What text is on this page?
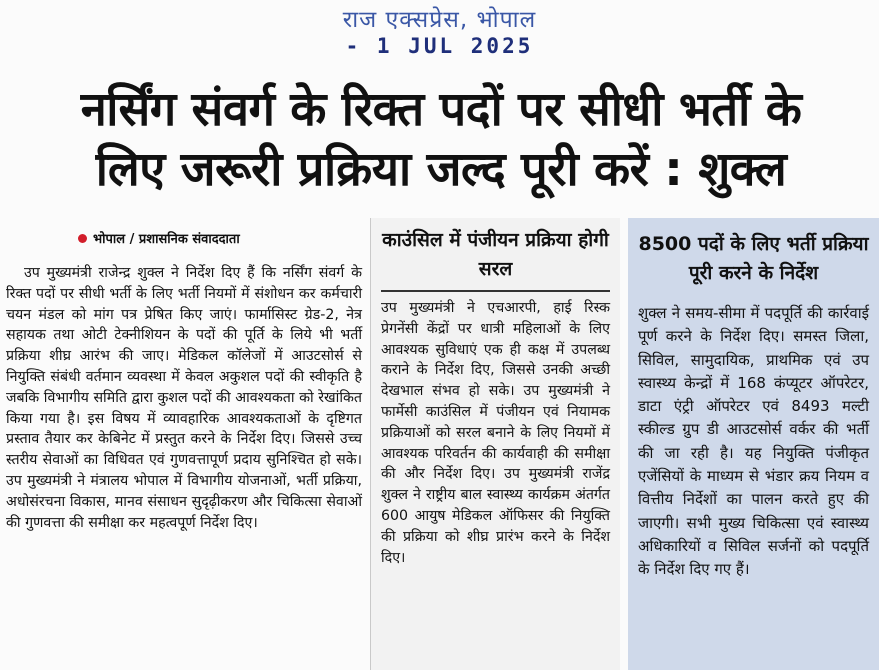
राज एक्सप्रेस, भोपाल
- 1 JUL 2025
नर्सिंग संवर्ग के रिक्त पदों पर सीधी भर्ती के
लिए जरूरी प्रक्रिया जल्द पूरी करें : शुक्ल
भोपाल / प्रशासनिक संवाददाता

उप मुख्यमंत्री राजेन्द्र शुक्ल ने निर्देश दिए हैं कि नर्सिंग संवर्ग के रिक्त पदों पर सीधी भर्ती के लिए भर्ती नियमों में संशोधन कर कर्मचारी चयन मंडल को मांग पत्र प्रेषित किए जाएं। फार्मासिस्ट ग्रेड-2, नेत्र सहायक तथा ओटी टेक्नीशियन के पदों की पूर्ति के लिये भी भर्ती प्रक्रिया शीघ्र आरंभ की जाए। मेडिकल कॉलेजों में आउटसोर्स से नियुक्ति संबंधी वर्तमान व्यवस्था में केवल अकुशल पदों की स्वीकृति है जबकि विभागीय समिति द्वारा कुशल पदों की आवश्यकता को रेखांकित किया गया है। इस विषय में व्यावहारिक आवश्यकताओं के दृष्टिगत प्रस्ताव तैयार कर केबिनेट में प्रस्तुत करने के निर्देश दिए। जिससे उच्च स्तरीय सेवाओं का विधिवत एवं गुणवत्तापूर्ण प्रदाय सुनिश्चित हो सके। उप मुख्यमंत्री ने मंत्रालय भोपाल में विभागीय योजनाओं, भर्ती प्रक्रिया, अधोसंरचना विकास, मानव संसाधन सुदृढ़ीकरण और चिकित्सा सेवाओं की गुणवत्ता की समीक्षा कर महत्वपूर्ण निर्देश दिए।

काउंसिल में पंजीयन प्रक्रिया होगी सरल
उप मुख्यमंत्री ने एचआरपी, हाई रिस्क प्रेगनेंसी केंद्रों पर धात्री महिलाओं के लिए आवश्यक सुविधाएं एक ही कक्ष में उपलब्ध कराने के निर्देश दिए, जिससे उनकी अच्छी देखभाल संभव हो सके। उप मुख्यमंत्री ने फार्मेसी काउंसिल में पंजीयन एवं नियामक प्रक्रियाओं को सरल बनाने के लिए नियमों में आवश्यक परिवर्तन की कार्यवाही की समीक्षा की और निर्देश दिए। उप मुख्यमंत्री राजेंद्र शुक्ल ने राष्ट्रीय बाल स्वास्थ्य कार्यक्रम अंतर्गत 600 आयुष मेडिकल ऑफिसर की नियुक्ति की प्रक्रिया को शीघ्र प्रारंभ करने के निर्देश दिए।
8500 पदों के लिए भर्ती प्रक्रिया पूरी करने के निर्देश
शुक्ल ने समय-सीमा में पदपूर्ति की कार्रवाई पूर्ण करने के निर्देश दिए। समस्त जिला, सिविल, सामुदायिक, प्राथमिक एवं उप स्वास्थ्य केन्द्रों में 168 कंप्यूटर ऑपरेटर, डाटा एंट्री ऑपरेटर एवं 8493 मल्टी स्कील्ड ग्रुप डी आउटसोर्स वर्कर की भर्ती की जा रही है। यह नियुक्ति पंजीकृत एजेंसियों के माध्यम से भंडार क्रय नियम व वित्तीय निर्देशों का पालन करते हुए की जाएगी। सभी मुख्य चिकित्सा एवं स्वास्थ्य अधिकारियों व सिविल सर्जनों को पदपूर्ति के निर्देश दिए गए हैं।
